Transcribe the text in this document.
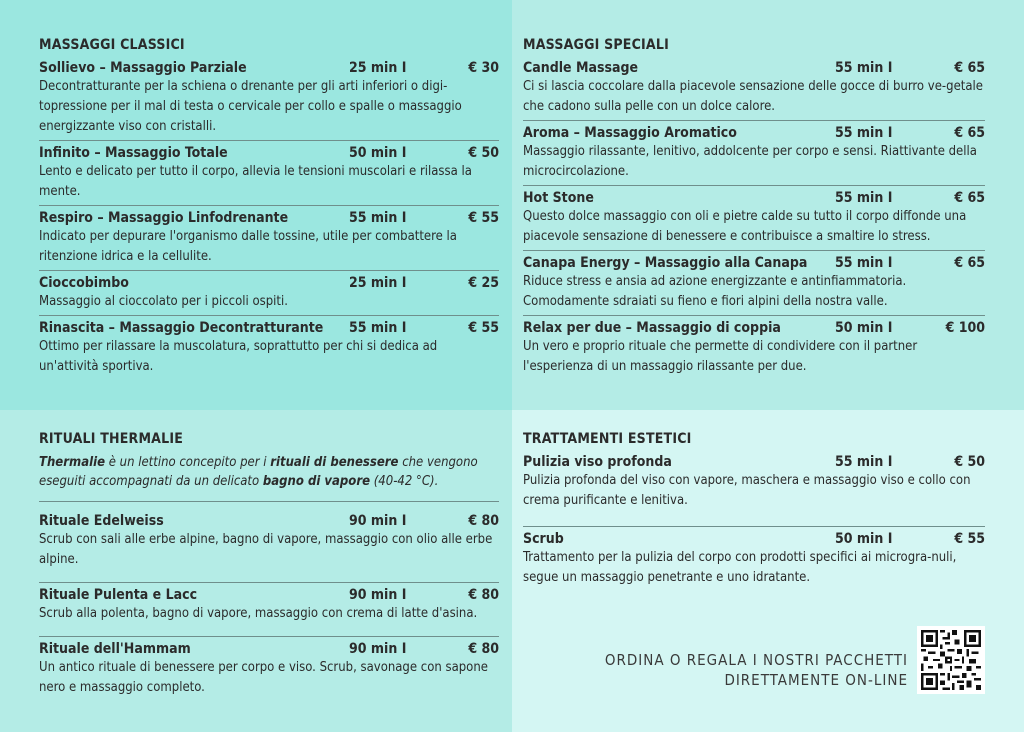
MASSAGGI CLASSICI
Sollievo – Massaggio Parziale	25 min I	€ 30

Decontratturante per la schiena o drenante per gli arti inferiori o digi-topressione per il mal di testa o cervicale per collo e spalle o massaggio energizzante viso con cristalli.

Infinito – Massaggio Totale	50 min I	€ 50

Lento e delicato per tutto il corpo, allevia le tensioni muscolari e rilassa la mente.

Respiro – Massaggio Linfodrenante	55 min I	€ 55

Indicato per depurare l'organismo dalle tossine, utile per combattere la ritenzione idrica e la cellulite.

Cioccobimbo	25 min I	€ 25

Massaggio al cioccolato per i piccoli ospiti.

Rinascita – Massaggio Decontratturante	55 min I	€ 55

Ottimo per rilassare la muscolatura, soprattutto per chi si dedica ad un'attività sportiva.

MASSAGGI SPECIALI
Candle Massage	55 min I	€ 65

Ci si lascia coccolare dalla piacevole sensazione delle gocce di burro ve-getale che cadono sulla pelle con un dolce calore.

Aroma – Massaggio Aromatico	55 min I	€ 65

Massaggio rilassante, lenitivo, addolcente per corpo e sensi. Riattivante della microcircolazione.

Hot Stone	55 min I	€ 65

Questo dolce massaggio con oli e pietre calde su tutto il corpo diffonde una piacevole sensazione di benessere e contribuisce a smaltire lo stress.

Canapa Energy – Massaggio alla Canapa	55 min I	€ 65

Riduce stress e ansia ad azione energizzante e antinfiammatoria. Comodamente sdraiati su fieno e fiori alpini della nostra valle.

Relax per due – Massaggio di coppia	50 min I	€ 100

Un vero e proprio rituale che permette di condividere con il partner l'esperienza di un massaggio rilassante per due.

RITUALI THERMALIE

Thermalie è un lettino concepito per i rituali di benessere che vengono eseguiti accompagnati da un delicato bagno di vapore (40-42 °C).

Rituale Edelweiss	90 min I	€ 80

Scrub con sali alle erbe alpine, bagno di vapore, massaggio con olio alle erbe alpine.

Rituale Pulenta e Lacc	90 min I	€ 80

Scrub alla polenta, bagno di vapore, massaggio con crema di latte d'asina.

Rituale dell'Hammam	90 min I	€ 80

Un antico rituale di benessere per corpo e viso. Scrub, savonage con sapone nero e massaggio completo.

TRATTAMENTI ESTETICI
Pulizia viso profonda	55 min I	€ 50

Pulizia profonda del viso con vapore, maschera e massaggio viso e collo con crema purificante e lenitiva.

Scrub	50 min I	€ 55

Trattamento per la pulizia del corpo con prodotti specifici ai microgra-nuli, segue un massaggio penetrante e uno idratante.

ORDINA O REGALA I NOSTRI PACCHETTI
DIRETTAMENTE ON-LINE
